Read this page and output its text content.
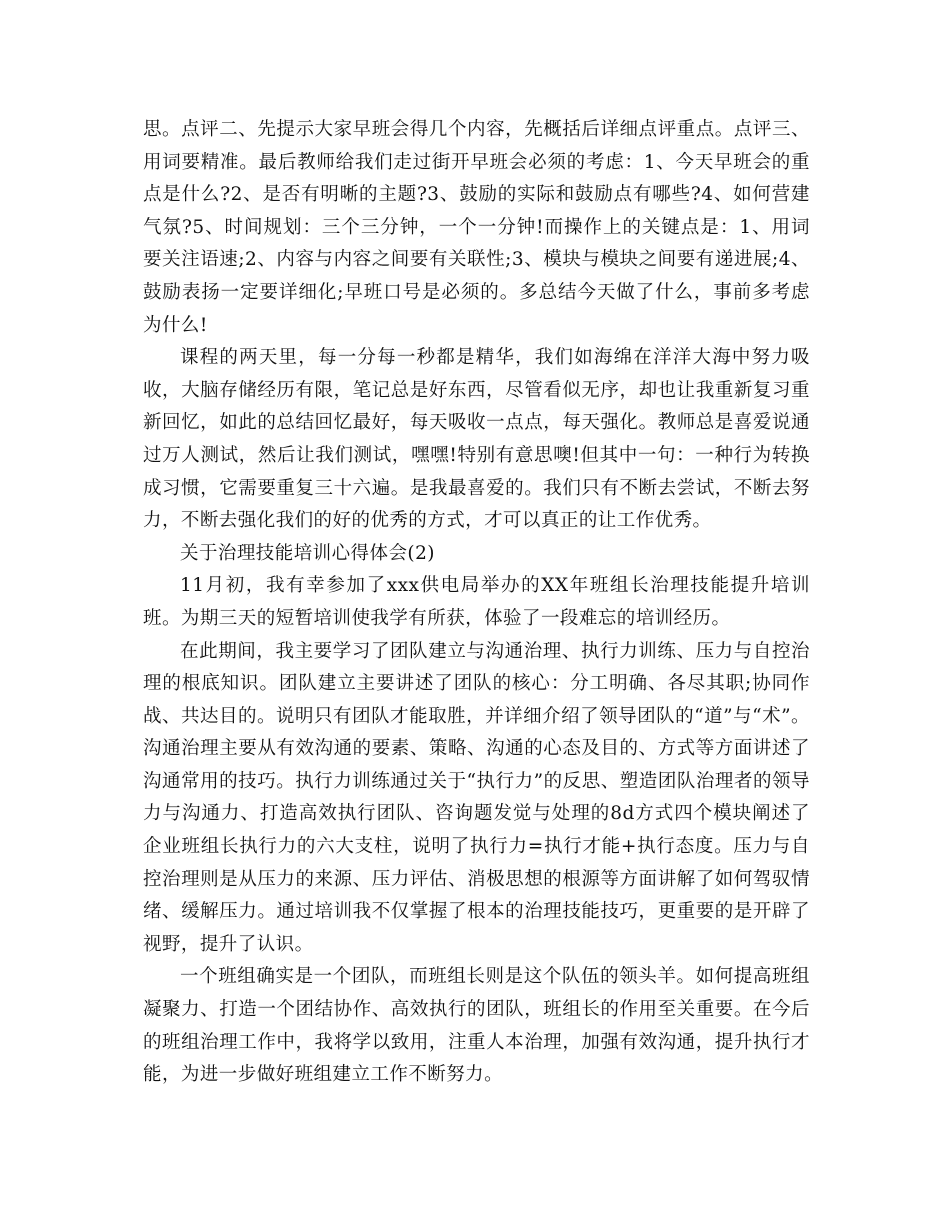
思。点评二、先提示大家早班会得几个内容，先概括后详细点评重点。点评三、用词要精准。最后教师给我们走过街开早班会必须的考虑：1、今天早班会的重点是什么?2、是否有明晰的主题?3、鼓励的实际和鼓励点有哪些?4、如何营建气氛?5、时间规划：三个三分钟，一个一分钟!而操作上的关键点是：1、用词要关注语速;2、内容与内容之间要有关联性;3、模块与模块之间要有递进展;4、鼓励表扬一定要详细化;早班口号是必须的。多总结今天做了什么，事前多考虑为什么!

课程的两天里，每一分每一秒都是精华，我们如海绵在洋洋大海中努力吸收，大脑存储经历有限，笔记总是好东西，尽管看似无序，却也让我重新复习重新回忆，如此的总结回忆最好，每天吸收一点点，每天强化。教师总是喜爱说通过万人测试，然后让我们测试，嘿嘿!特别有意思噢!但其中一句：一种行为转换成习惯，它需要重复三十六遍。是我最喜爱的。我们只有不断去尝试，不断去努力，不断去强化我们的好的优秀的方式，才可以真正的让工作优秀。

关于治理技能培训心得体会(2)

11月初，我有幸参加了xxx供电局举办的XX年班组长治理技能提升培训班。为期三天的短暂培训使我学有所获，体验了一段难忘的培训经历。

在此期间，我主要学习了团队建立与沟通治理、执行力训练、压力与自控治理的根底知识。团队建立主要讲述了团队的核心：分工明确、各尽其职;协同作战、共达目的。说明只有团队才能取胜，并详细介绍了领导团队的“道”与“术”。沟通治理主要从有效沟通的要素、策略、沟通的心态及目的、方式等方面讲述了沟通常用的技巧。执行力训练通过关于“执行力”的反思、塑造团队治理者的领导力与沟通力、打造高效执行团队、咨询题发觉与处理的8d方式四个模块阐述了企业班组长执行力的六大支柱，说明了执行力=执行才能+执行态度。压力与自控治理则是从压力的来源、压力评估、消极思想的根源等方面讲解了如何驾驭情绪、缓解压力。通过培训我不仅掌握了根本的治理技能技巧，更重要的是开辟了视野，提升了认识。

一个班组确实是一个团队，而班组长则是这个队伍的领头羊。如何提高班组凝聚力、打造一个团结协作、高效执行的团队，班组长的作用至关重要。在今后的班组治理工作中，我将学以致用，注重人本治理，加强有效沟通，提升执行才能，为进一步做好班组建立工作不断努力。
